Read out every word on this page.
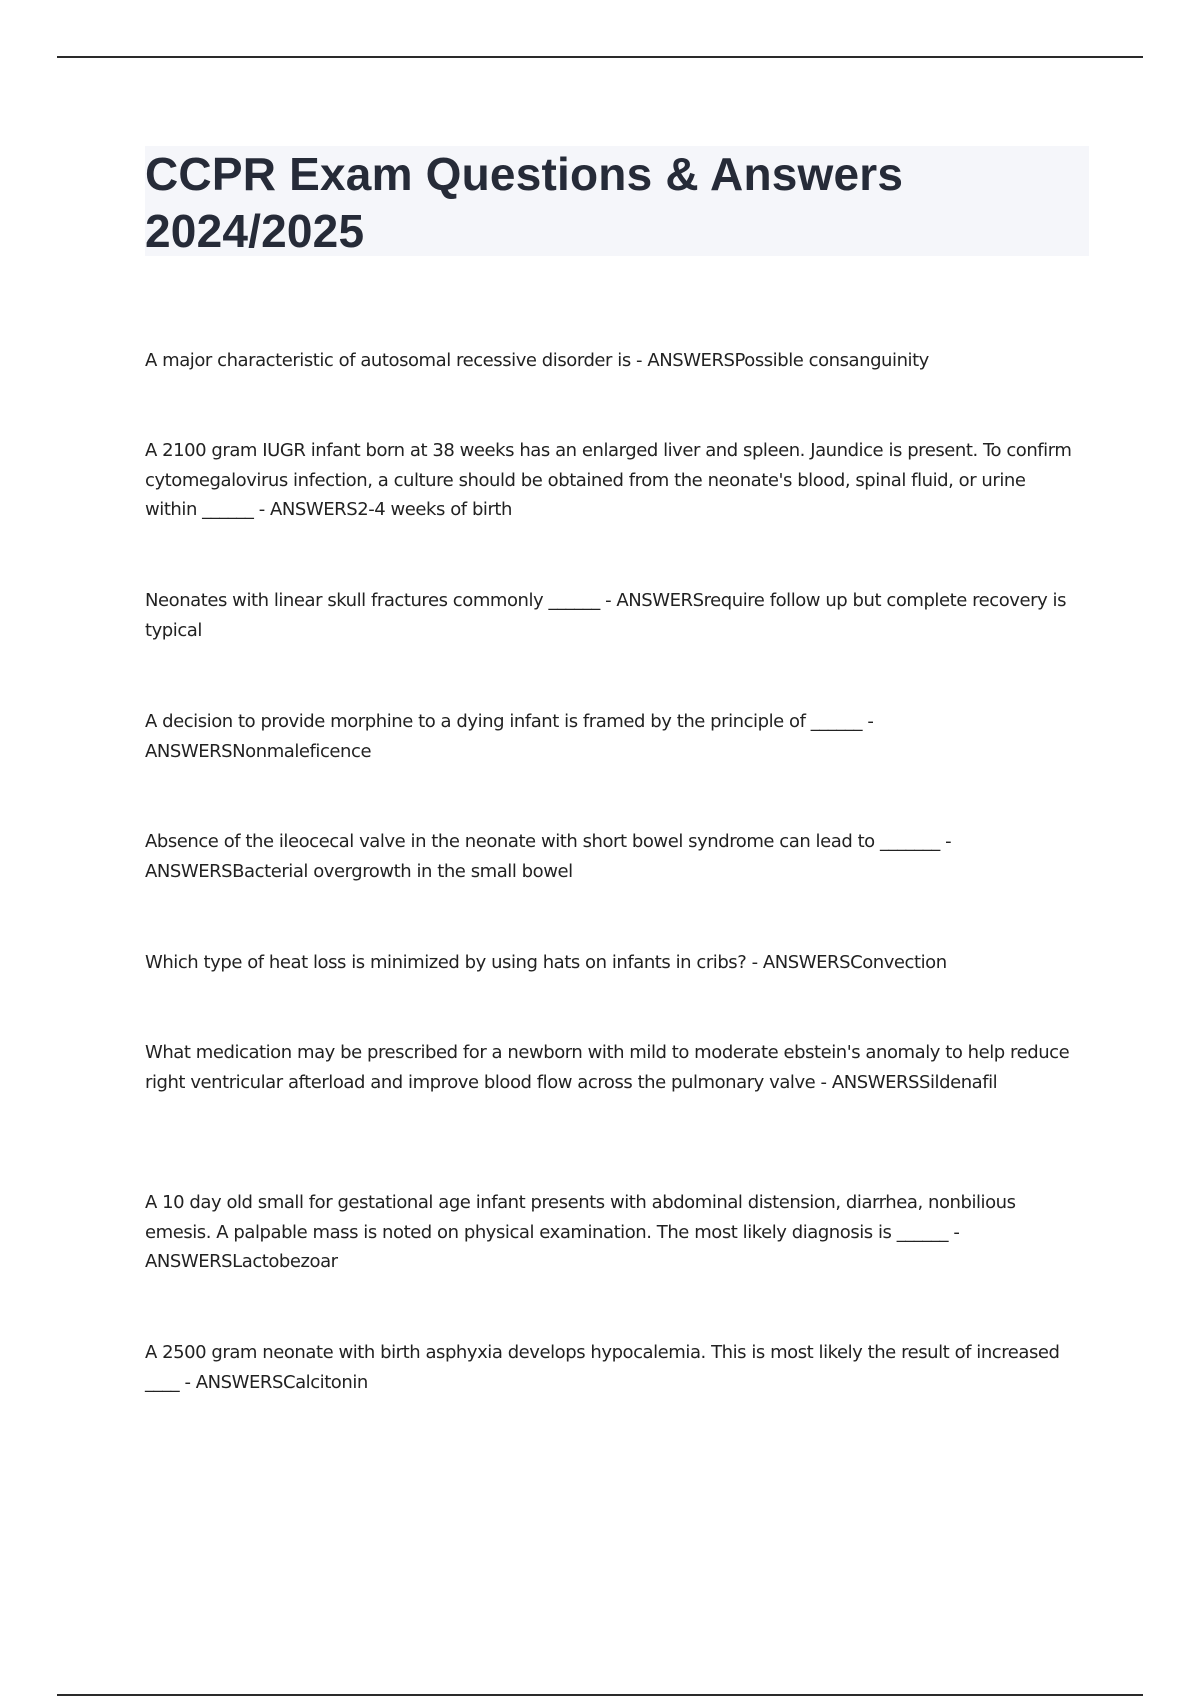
CCPR Exam Questions & Answers 2024/2025

A major characteristic of autosomal recessive disorder is - ANSWERSPossible consanguinity

A 2100 gram IUGR infant born at 38 weeks has an enlarged liver and spleen. Jaundice is present. To confirm cytomegalovirus infection, a culture should be obtained from the neonate's blood, spinal fluid, or urine within ______ - ANSWERS2-4 weeks of birth

Neonates with linear skull fractures commonly ______ - ANSWERSrequire follow up but complete recovery is typical

A decision to provide morphine to a dying infant is framed by the principle of ______ - ANSWERSNonmaleficence

Absence of the ileocecal valve in the neonate with short bowel syndrome can lead to _______ - ANSWERSBacterial overgrowth in the small bowel

Which type of heat loss is minimized by using hats on infants in cribs? - ANSWERSConvection

What medication may be prescribed for a newborn with mild to moderate ebstein's anomaly to help reduce right ventricular afterload and improve blood flow across the pulmonary valve - ANSWERSSildenafil

A 10 day old small for gestational age infant presents with abdominal distension, diarrhea, nonbilious emesis. A palpable mass is noted on physical examination. The most likely diagnosis is ______ - ANSWERSLactobezoar

A 2500 gram neonate with birth asphyxia develops hypocalemia. This is most likely the result of increased ____ - ANSWERSCalcitonin
